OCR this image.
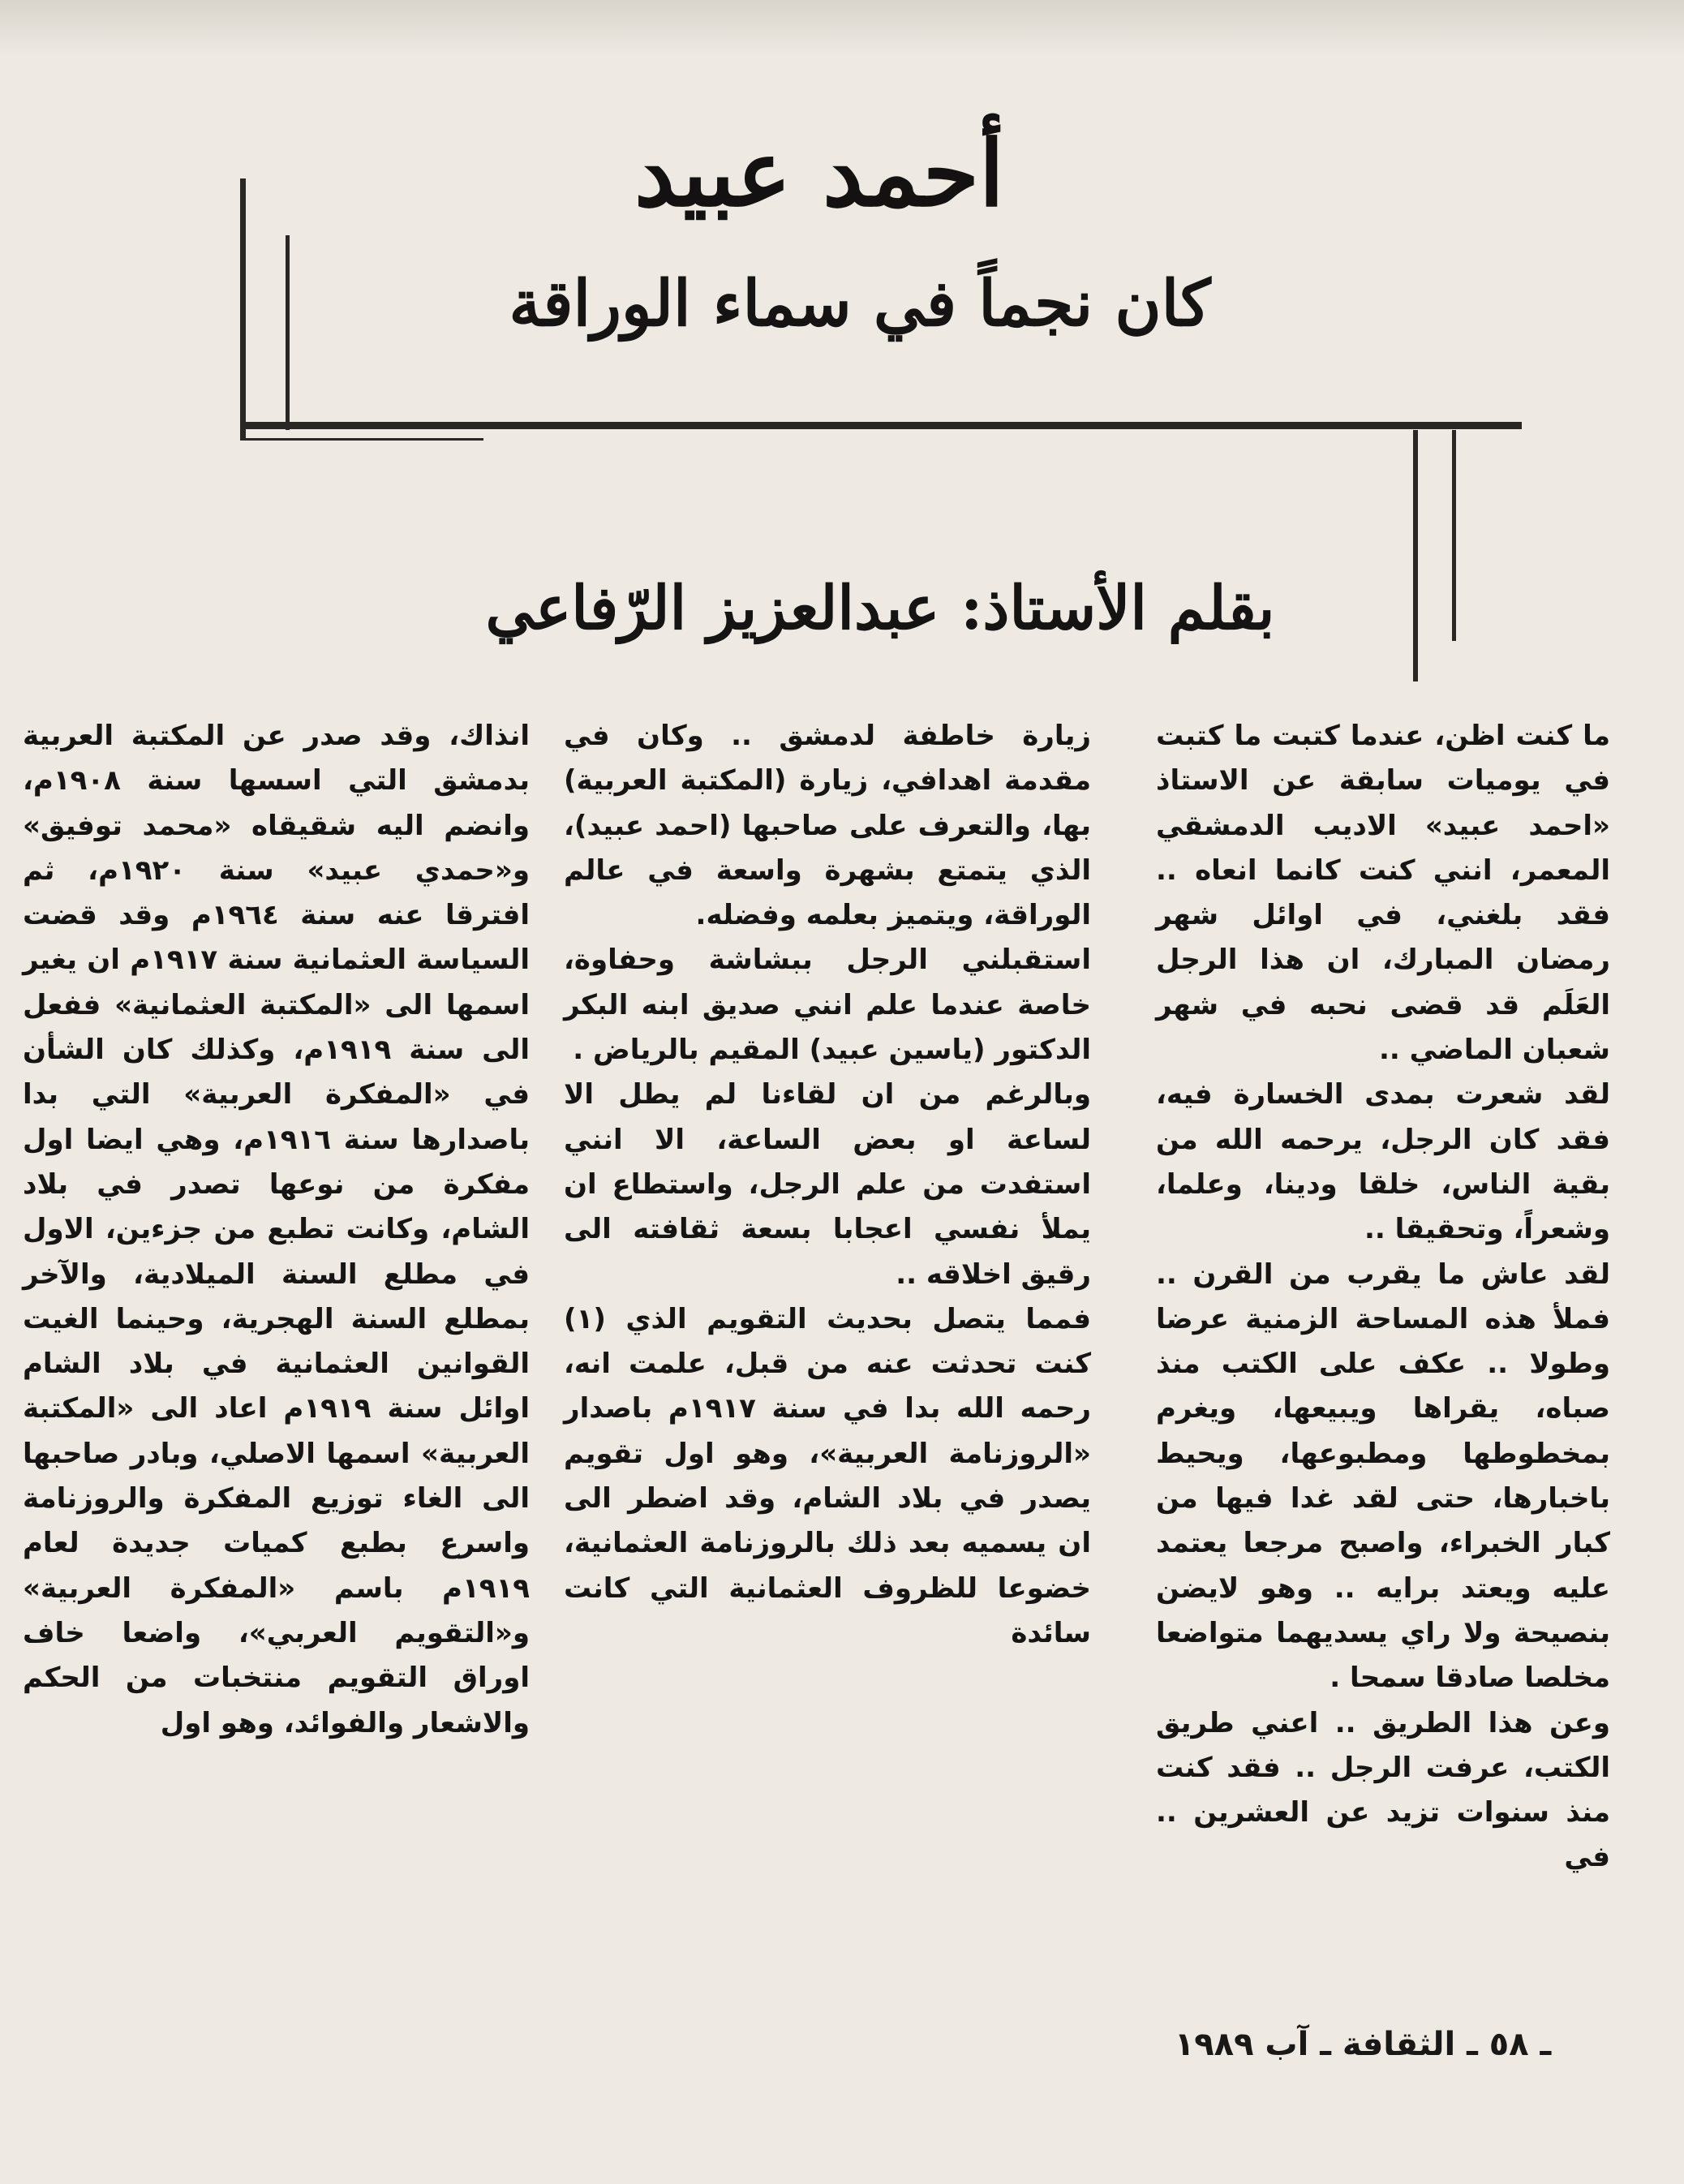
أحمد عبيد
كان نجماً في سماء الوراقة
بقلم الأستاذ: عبدالعزيز الرّفاعي

ما كنت اظن، عندما كتبت ما كتبت في يوميات سابقة عن الاستاذ «احمد عبيد» الاديب الدمشقي المعمر، انني كنت كانما انعاه .. فقد بلغني، في اوائل شهر رمضان المبارك، ان هذا الرجل العَلَم قد قضى نحبه في شهر شعبان الماضي ..

لقد شعرت بمدى الخسارة فيه، فقد كان الرجل، يرحمه الله من بقية الناس، خلقا ودينا، وعلما، وشعراً، وتحقيقا ..

لقد عاش ما يقرب من القرن .. فملأ هذه المساحة الزمنية عرضا وطولا .. عكف على الكتب منذ صباه، يقراها ويبيعها، ويغرم بمخطوطها ومطبوعها، ويحيط باخبارها، حتى لقد غدا فيها من كبار الخبراء، واصبح مرجعا يعتمد عليه ويعتد برايه .. وهو لايضن بنصيحة ولا راي يسديهما متواضعا مخلصا صادقا سمحا .

وعن هذا الطريق .. اعني طريق الكتب، عرفت الرجل .. فقد كنت منذ سنوات تزيد عن العشرين .. في

زيارة خاطفة لدمشق .. وكان في مقدمة اهدافي، زيارة (المكتبة العربية) بها، والتعرف على صاحبها (احمد عبيد)، الذي يتمتع بشهرة واسعة في عالم الوراقة، ويتميز بعلمه وفضله.

استقبلني الرجل ببشاشة وحفاوة، خاصة عندما علم انني صديق ابنه البكر الدكتور (ياسين عبيد) المقيم بالرياض .

وبالرغم من ان لقاءنا لم يطل الا لساعة او بعض الساعة، الا انني استفدت من علم الرجل، واستطاع ان يملأ نفسي اعجابا بسعة ثقافته الى رقيق اخلاقه ..

فمما يتصل بحديث التقويم الذي (١) كنت تحدثت عنه من قبل، علمت انه، رحمه الله بدا في سنة ١٩١٧م باصدار «الروزنامة العربية»، وهو اول تقويم يصدر في بلاد الشام، وقد اضطر الى ان يسميه بعد ذلك بالروزنامة العثمانية، خضوعا للظروف العثمانية التي كانت سائدة

انذاك، وقد صدر عن المكتبة العربية بدمشق التي اسسها سنة ١٩٠٨م، وانضم اليه شقيقاه «محمد توفيق» و«حمدي عبيد» سنة ١٩٢٠م، ثم افترقا عنه سنة ١٩٦٤م وقد قضت السياسة العثمانية سنة ١٩١٧م ان يغير اسمها الى «المكتبة العثمانية» ففعل الى سنة ١٩١٩م، وكذلك كان الشأن في «المفكرة العربية» التي بدا باصدارها سنة ١٩١٦م، وهي ايضا اول مفكرة من نوعها تصدر في بلاد الشام، وكانت تطبع من جزءين، الاول في مطلع السنة الميلادية، والآخر بمطلع السنة الهجرية، وحينما الغيت القوانين العثمانية في بلاد الشام اوائل سنة ١٩١٩م اعاد الى «المكتبة العربية» اسمها الاصلي، وبادر صاحبها الى الغاء توزيع المفكرة والروزنامة واسرع بطبع كميات جديدة لعام ١٩١٩م باسم «المفكرة العربية» و«التقويم العربي»، واضعا خاف اوراق التقويم منتخبات من الحكم والاشعار والفوائد، وهو اول

ـ ٥٨ ـ الثقافة ـ آب ١٩٨٩
